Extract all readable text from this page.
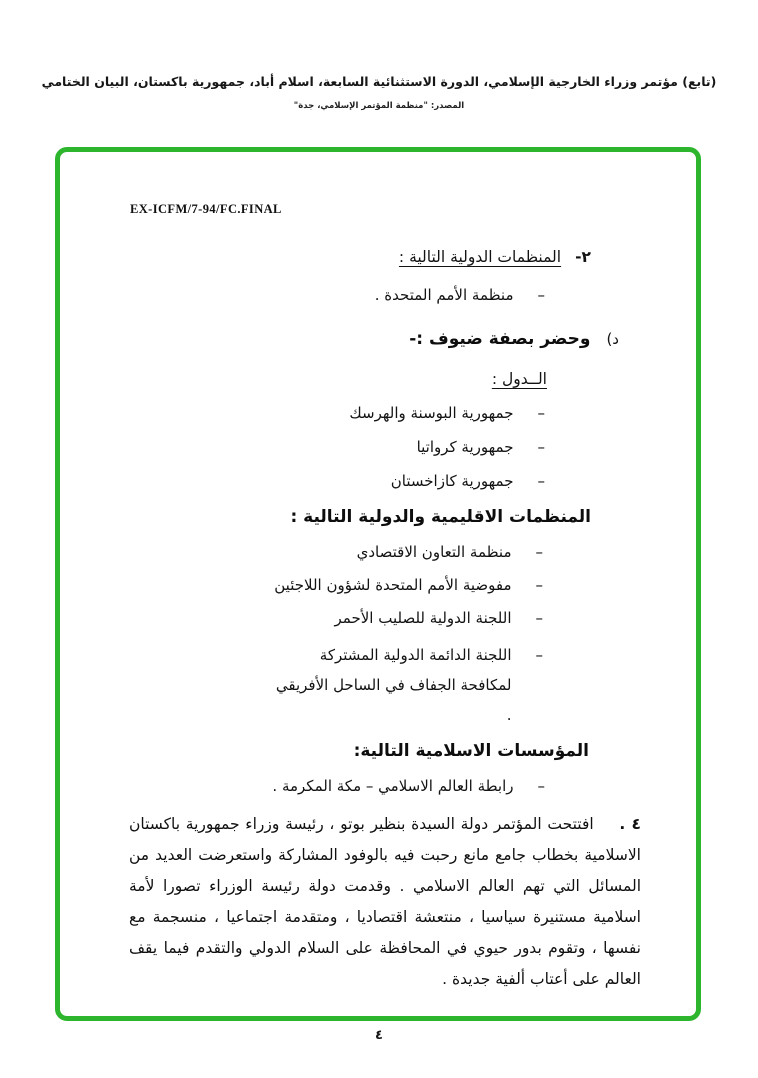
(تابع) مؤتمر وزراء الخارجية الإسلامي، الدورة الاستثنائية السابعة، اسلام أباد، جمهورية باكستان، البيان الختامي
المصدر: "منظمة المؤتمر الإسلامي، جدة"
EX-ICFM/7-94/FC.FINAL
٢-
المنظمات الدولية التالية :
–
منظمة الأمم المتحدة .
د)
وحضر بصفة ضيوف :-
الــدول :
–
جمهورية البوسنة والهرسك
–
جمهورية كرواتيا
–
جمهورية كازاخستان
المنظمات الاقليمية والدولية التالية :
–
منظمة التعاون الاقتصادي
–
مفوضية الأمم المتحدة لشؤون اللاجئين
–
اللجنة الدولية للصليب الأحمر
–
اللجنة الدائمة الدولية المشتركة لمكافحة الجفاف في الساحل الأفريقي .
المؤسسات الاسلامية التالية:
–
رابطة العالم الاسلامي – مكة المكرمة .

٤ . افتتحت المؤتمر دولة السيدة بنظير بوتو ، رئيسة وزراء جمهورية باكستان الاسلامية بخطاب جامع مانع رحبت فيه بالوفود المشاركة واستعرضت العديد من المسائل التي تهم العالم الاسلامي . وقدمت دولة رئيسة الوزراء تصورا لأمة اسلامية مستنيرة سياسيا ، منتعشة اقتصاديا ، ومتقدمة اجتماعيا ، منسجمة مع نفسها ، وتقوم بدور حيوي في المحافظة على السلام الدولي والتقدم فيما يقف العالم على أعتاب ألفية جديدة .

٤
